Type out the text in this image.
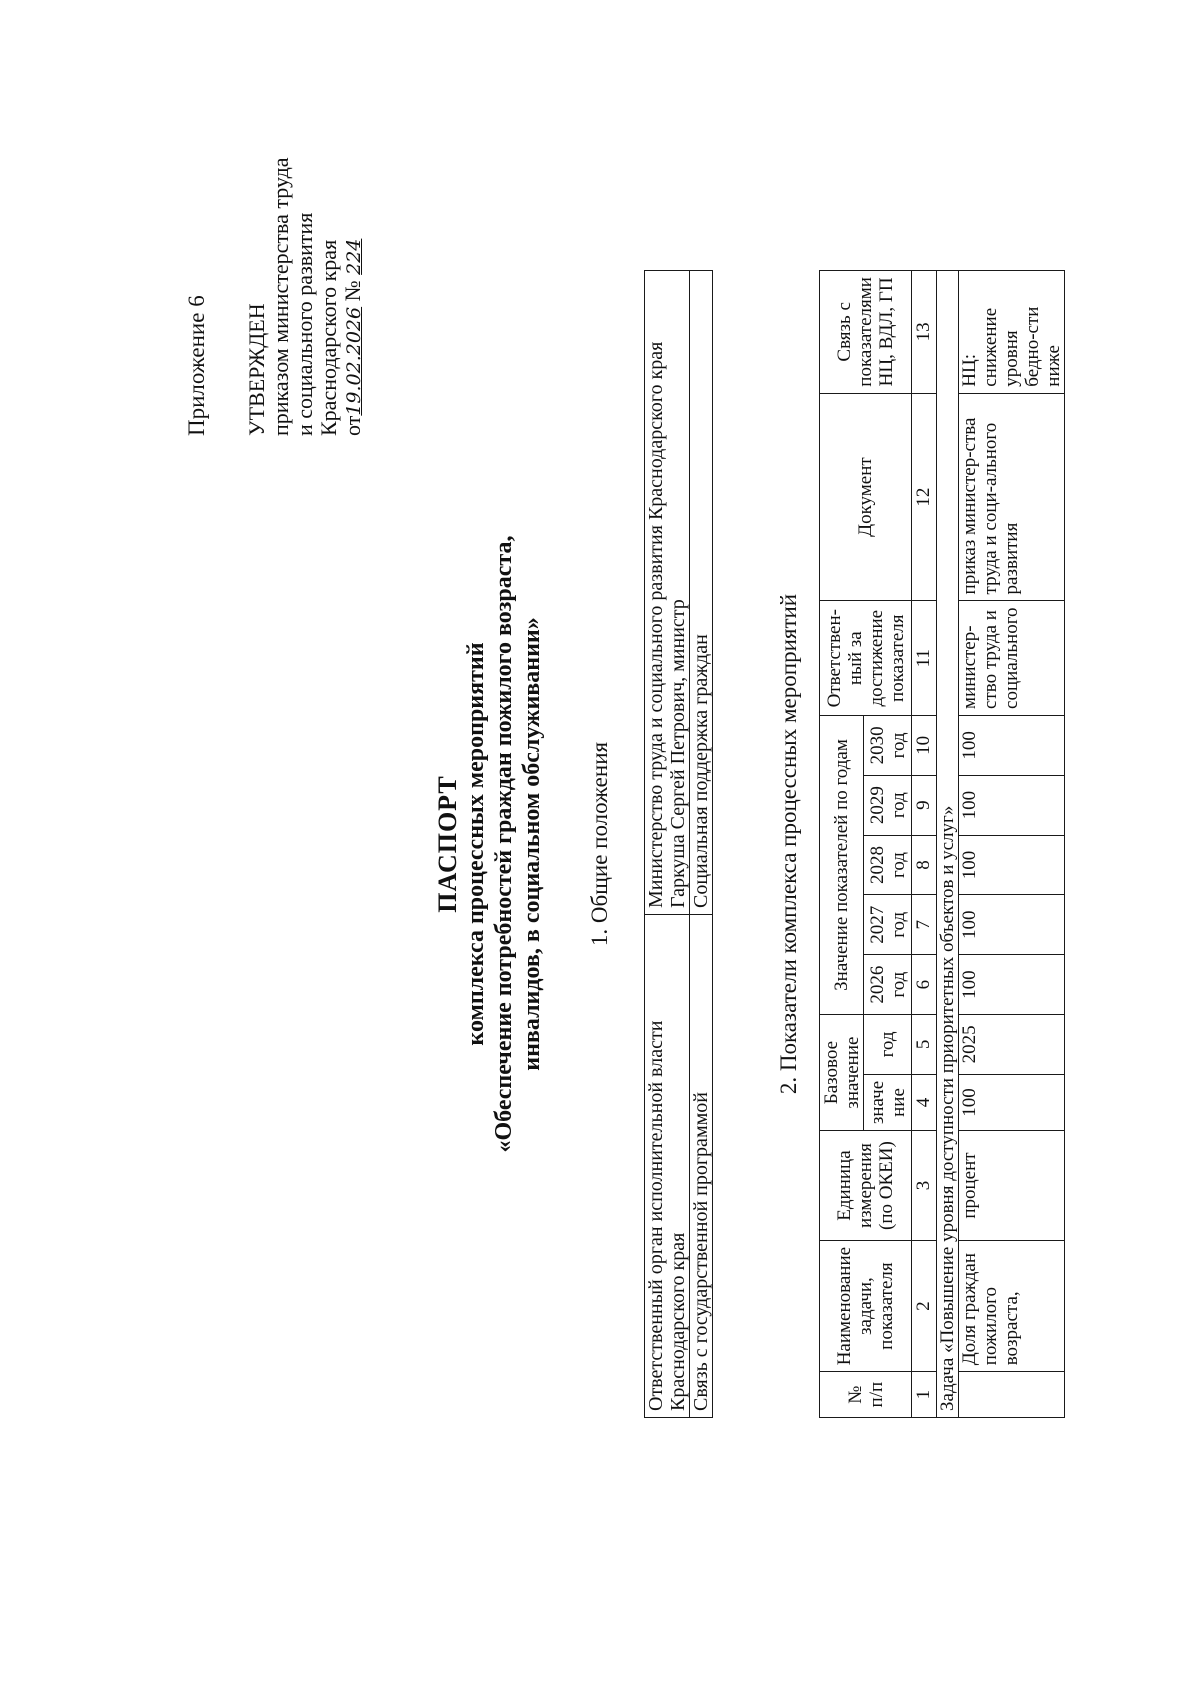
Приложение 6 УТВЕРЖДЕН приказом министерства труда и социального развития Краснодарского края от19.02.2026 № 224
ПАСПОРТ комплекса процессных мероприятий «Обеспечение потребностей граждан пожилого возраста, инвалидов, в социальном обслуживании» 1. Общие положения
Ответственный орган исполнительной власти Краснодарского края	Министерство труда и социального развития Краснодарского края Гаркуша Сергей Петрович, министр
Связь с государственной программой	Социальная поддержка граждан	2. Показатели комплекса процессных мероприятий
№ п/п	Наименование задачи, показателя	Единица измерения (по ОКЕИ)	Базовое значение		Значение показателей по годам					Ответствен-ный за достижение показателя	Документ	Связь с показателями НЦ, ВДЛ, ГП
			значе ние	год	2026 год	2027 год	2028 год	2029 год	2030 год			
1	2	3	4	5	6	7	8	9	10	11	12	13
Задача «Повышение уровня доступности приоритетных объектов и услуг»												
	Доля граждан пожилого возраста,	процент	100	2025	100	100	100	100	100	министер-ство труда и социального	приказ министер-ства труда и соци-ального развития	НЦ: снижение уровня бедно-сти ниже
